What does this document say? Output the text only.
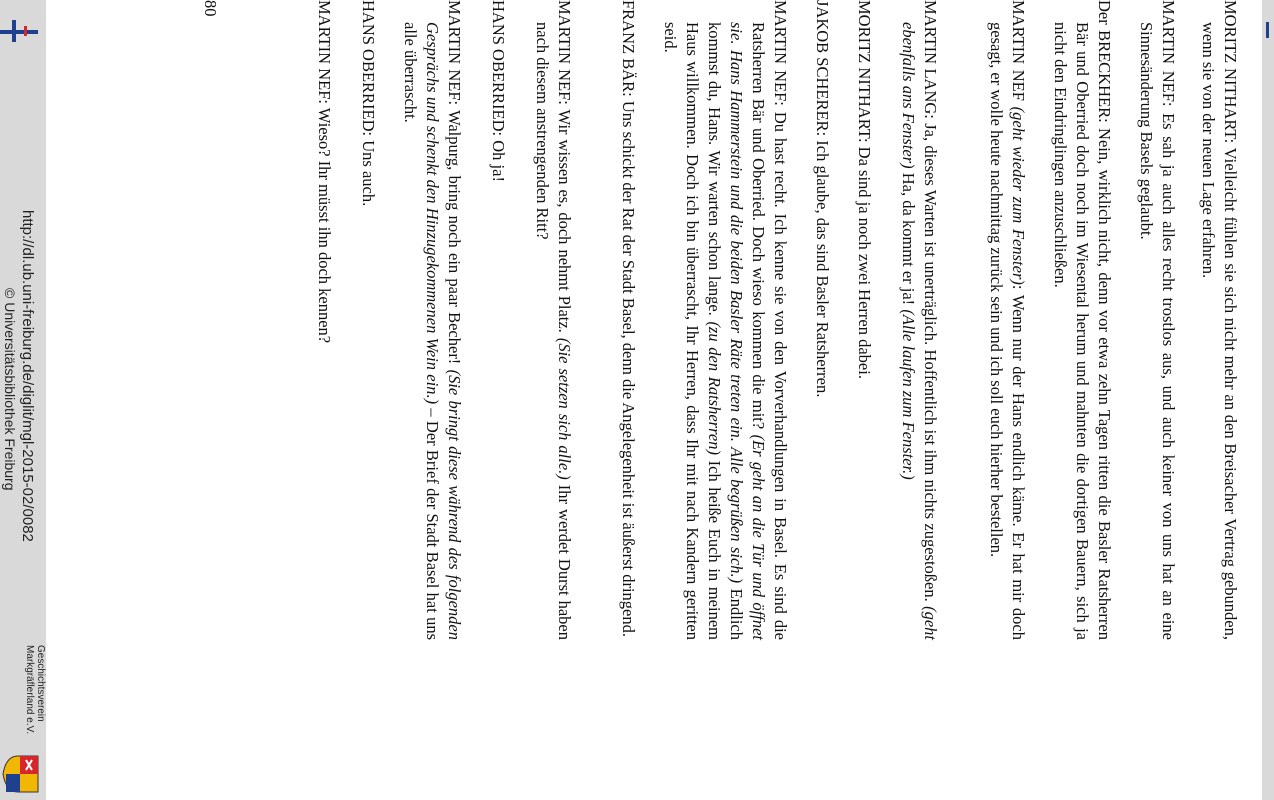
MORITZ NITHART: Vielleicht fühlen sie sich nicht mehr an den Breisacher Vertrag gebunden, wenn sie von der neuen Lage erfahren.

MARTIN NEF: Es sah ja auch alles recht trostlos aus, und auch keiner von uns hat an eine Sinnesänderung Basels geglaubt.

Der BRECKHER: Nein, wirklich nicht, denn vor etwa zehn Tagen ritten die Basler Ratsherren Bär und Oberried doch noch im Wiesental herum und mahnten die dortigen Bauern, sich ja nicht den Eindringlingen anzuschließen.

MARTIN NEF (geht wieder zum Fenster): Wenn nur der Hans endlich käme. Er hat mir doch gesagt, er wolle heute nachmittag zurück sein und ich soll euch hierher bestellen.

MARTIN LANG: Ja, dieses Warten ist unerträglich. Hoffentlich ist ihm nichts zugestoßen. (geht ebenfalls ans Fenster) Ha, da kommt er ja! (Alle laufen zum Fenster.)

MORITZ NITHART: Da sind ja noch zwei Herren dabei.

JAKOB SCHERER: Ich glaube, das sind Basler Ratsherren.

MARTIN NEF: Du hast recht. Ich kenne sie von den Vorverhandlungen in Basel. Es sind die Ratsherren Bär und Oberried. Doch wieso kommen die mit? (Er geht an die Tür und öffnet sie. Hans Hammerstein und die beiden Basler Räte treten ein. Alle begrüßen sich.) Endlich kommst du, Hans. Wir warten schon lange. (zu den Ratsherren) Ich heiße Euch in meinem Haus willkommen. Doch ich bin überrascht, Ihr Herren, dass Ihr mit nach Kandern geritten seid.

FRANZ BÄR: Uns schickt der Rat der Stadt Basel, denn die Angelegenheit ist äußerst dringend.

MARTIN NEF: Wir wissen es, doch nehmt Platz. (Sie setzen sich alle.) Ihr werdet Durst haben nach diesem anstrengenden Ritt?

HANS OBERRIED: Oh ja!

MARTIN NEF: Walpurg, bring noch ein paar Becher! (Sie bringt diese während des folgenden Gesprächs und schenkt den Hinzugekommenen Wein ein.) – Der Brief der Stadt Basel hat uns alle überrascht.

HANS OBERRIED: Uns auch.

MARTIN NEF: Wieso? Ihr müsst ihn doch kennen?

80
http://dl.ub.uni-freiburg.de/diglit/mgl-2015-02/0082
© Universitätsbibliothek Freiburg
Geschichtsverein
Markgräflerland e.V.
